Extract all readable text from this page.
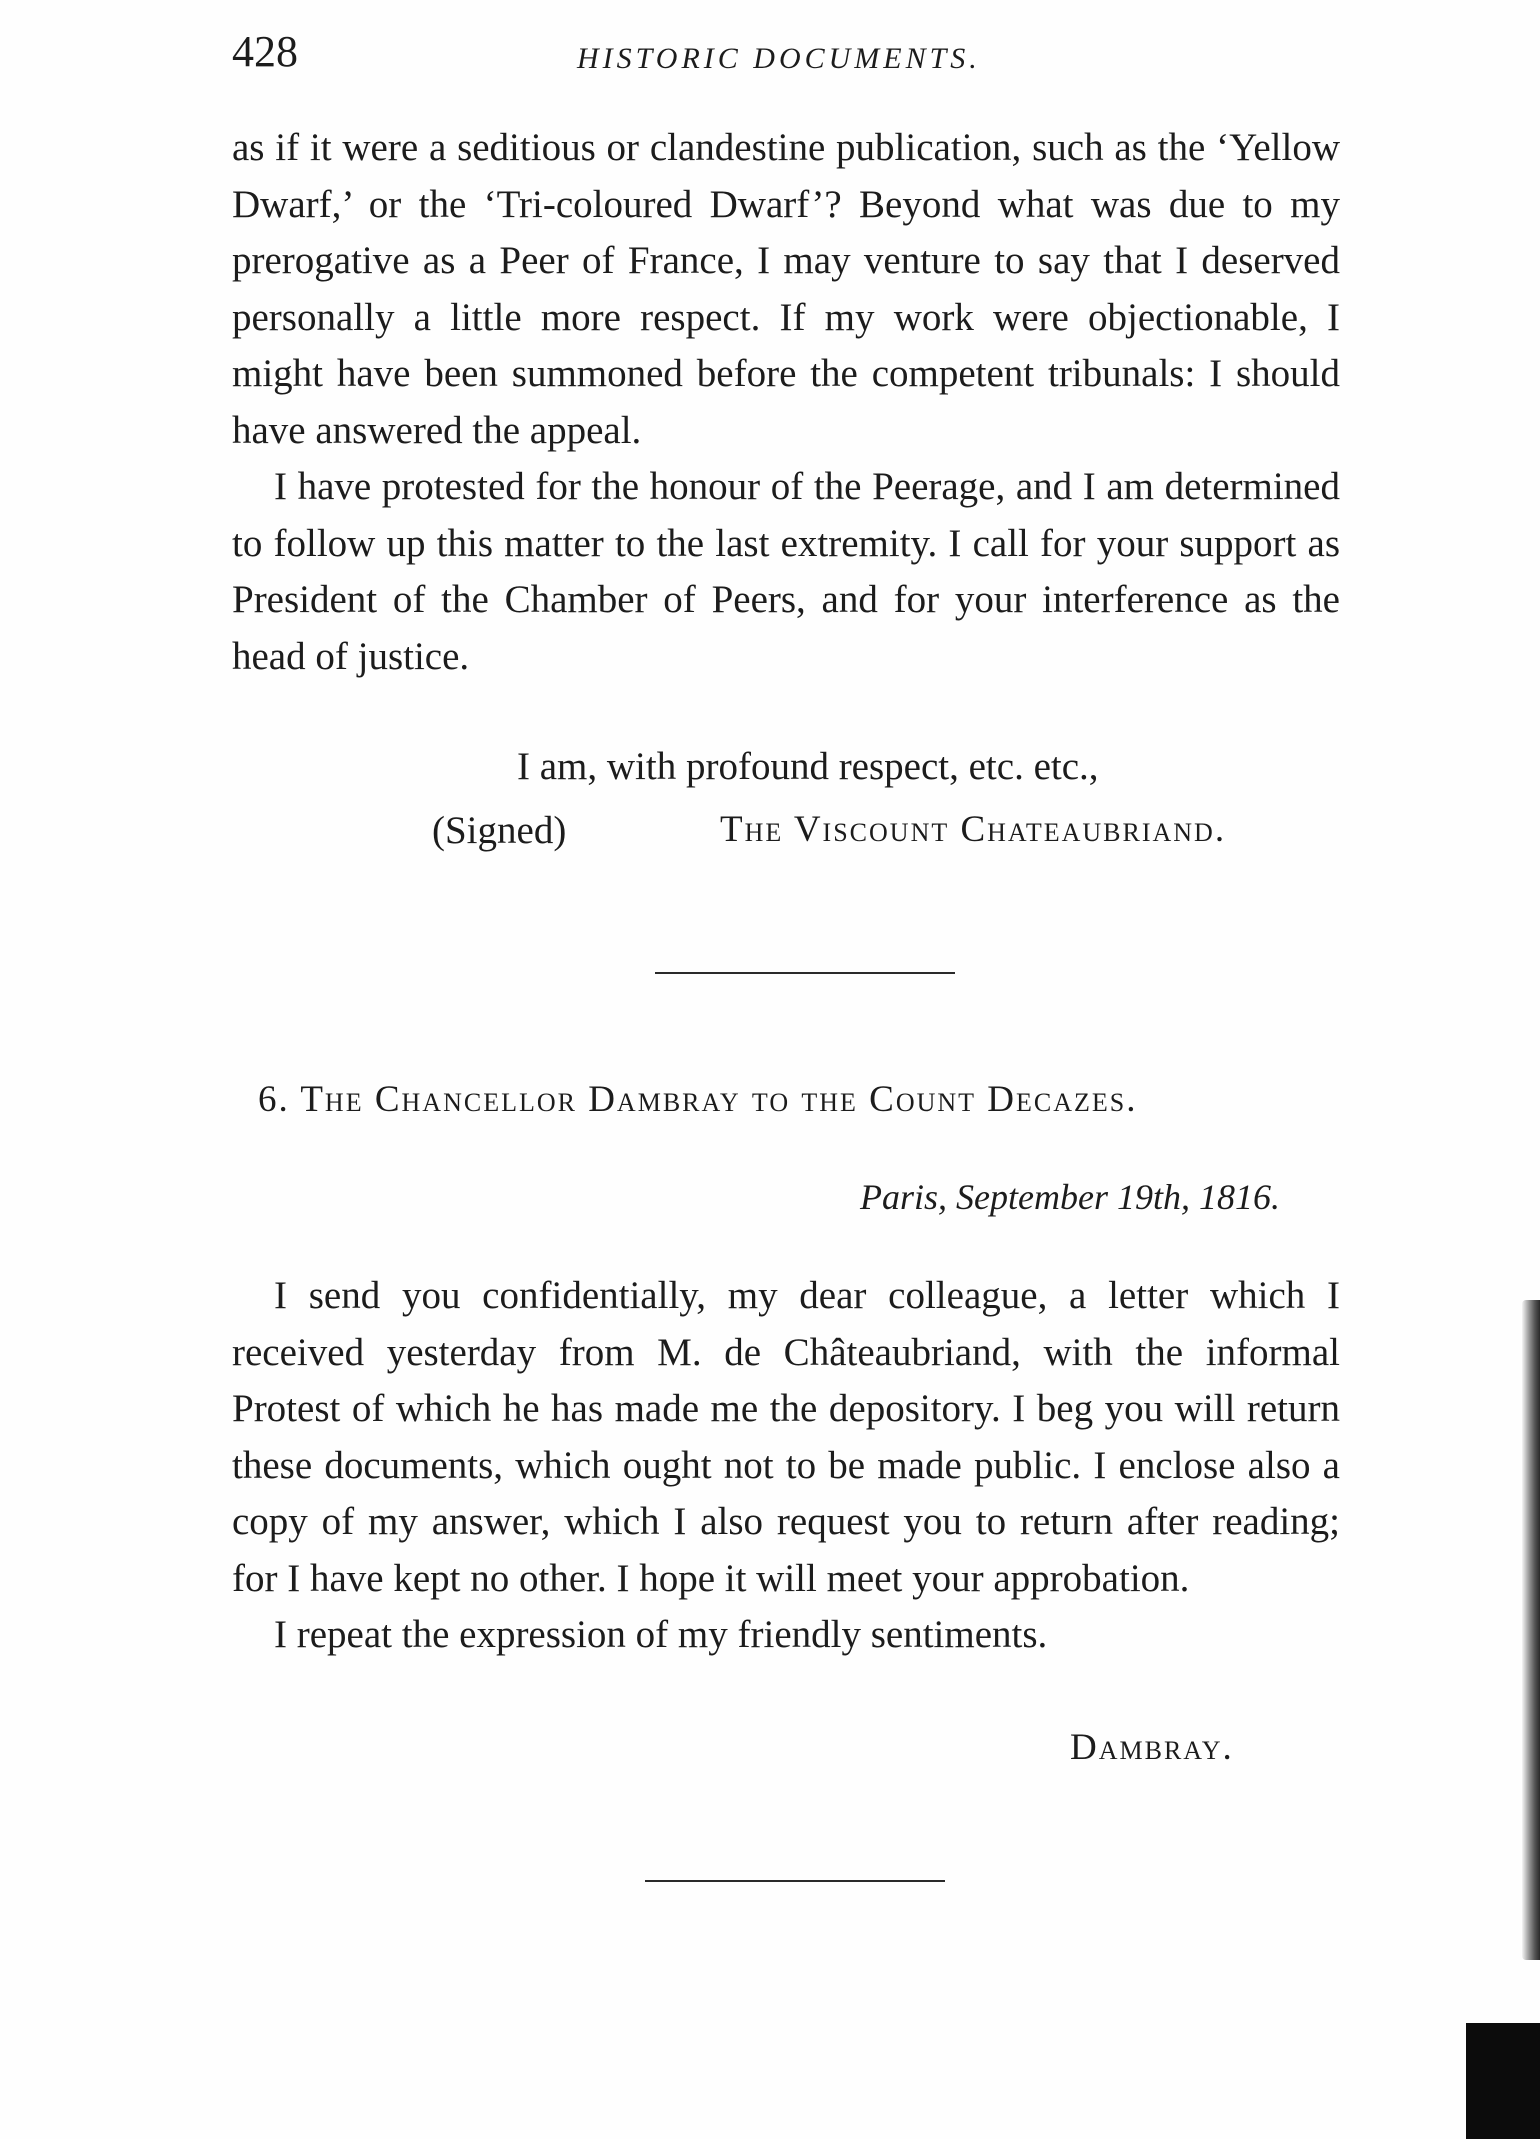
428	HISTORIC DOCUMENTS.

as if it were a seditious or clandestine publication, such as the ‘Yellow Dwarf,’ or the ‘Tri-coloured Dwarf’? Beyond what was due to my prerogative as a Peer of France, I may venture to say that I deserved personally a little more respect. If my work were objectionable, I might have been summoned before the competent tribunals: I should have answered the appeal.

I have protested for the honour of the Peerage, and I am determined to follow up this matter to the last extremity. I call for your support as President of the Chamber of Peers, and for your interference as the head of justice.

I am, with profound respect, etc. etc.,
(Signed)	The Viscount Chateaubriand.
6. The Chancellor Dambray to the Count Decazes.
Paris, September 19th, 1816.

I send you confidentially, my dear colleague, a letter which I received yesterday from M. de Châteaubriand, with the informal Protest of which he has made me the depository. I beg you will return these documents, which ought not to be made public. I enclose also a copy of my answer, which I also request you to return after reading; for I have kept no other. I hope it will meet your approbation.

I repeat the expression of my friendly sentiments.

Dambray.
